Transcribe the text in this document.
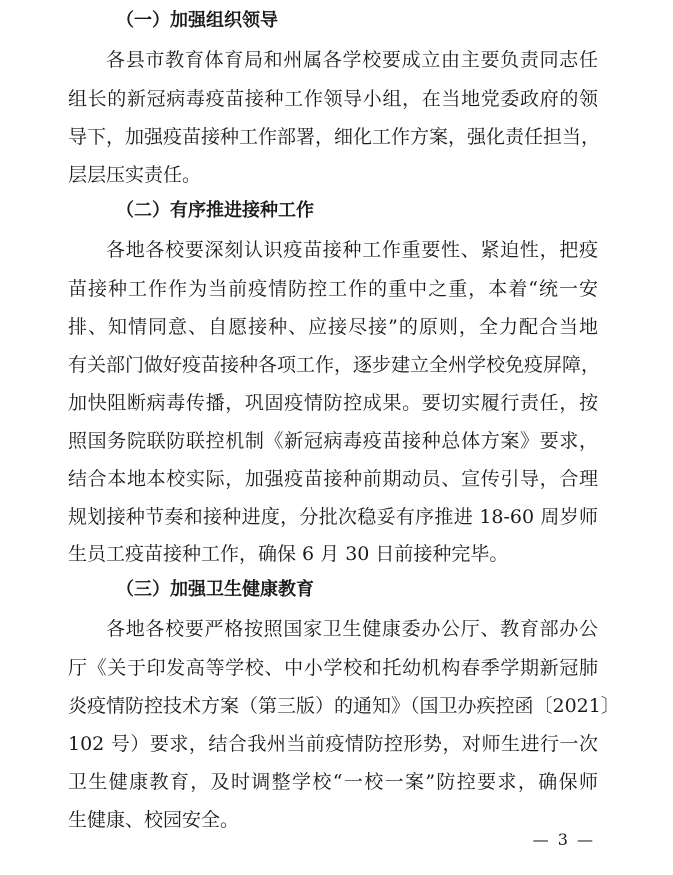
（一）加强组织领导
各县市教育体育局和州属各学校要成立由主要负责同志任
组长的新冠病毒疫苗接种工作领导小组，在当地党委政府的领
导下，加强疫苗接种工作部署，细化工作方案，强化责任担当，
层层压实责任。
（二）有序推进接种工作
各地各校要深刻认识疫苗接种工作重要性、紧迫性，把疫
苗接种工作作为当前疫情防控工作的重中之重，本着“统一安
排、知情同意、自愿接种、应接尽接”的原则，全力配合当地
有关部门做好疫苗接种各项工作，逐步建立全州学校免疫屏障，
加快阻断病毒传播，巩固疫情防控成果。要切实履行责任，按
照国务院联防联控机制《新冠病毒疫苗接种总体方案》要求，
结合本地本校实际，加强疫苗接种前期动员、宣传引导，合理
规划接种节奏和接种进度，分批次稳妥有序推进 18-60 周岁师
生员工疫苗接种工作，确保 6 月 30 日前接种完毕。
（三）加强卫生健康教育
各地各校要严格按照国家卫生健康委办公厅、教育部办公
厅《关于印发高等学校、中小学校和托幼机构春季学期新冠肺
炎疫情防控技术方案（第三版）的通知》（国卫办疾控函〔2021〕
102 号）要求，结合我州当前疫情防控形势，对师生进行一次
卫生健康教育，及时调整学校“一校一案”防控要求，确保师
生健康、校园安全。
— 3 —
